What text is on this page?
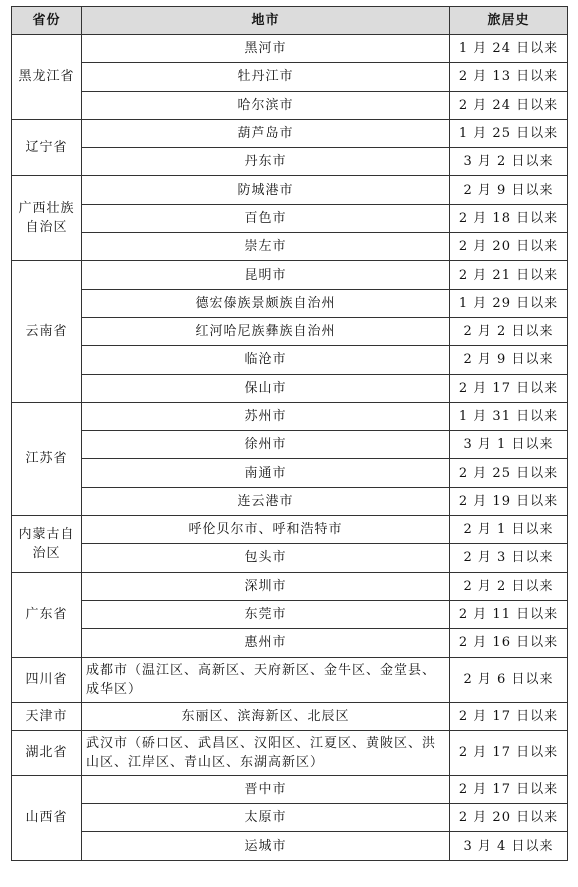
省份	地市	旅居史
黑龙江省	黑河市	1 月 24 日以来
	牡丹江市	2 月 13 日以来
	哈尔滨市	2 月 24 日以来
辽宁省	葫芦岛市	1 月 25 日以来
	丹东市	3 月 2 日以来
广西壮族自治区	防城港市	2 月 9 日以来
	百色市	2 月 18 日以来
	崇左市	2 月 20 日以来
云南省	昆明市	2 月 21 日以来
	德宏傣族景颇族自治州	1 月 29 日以来
	红河哈尼族彝族自治州	2 月 2 日以来
	临沧市	2 月 9 日以来
	保山市	2 月 17 日以来
江苏省	苏州市	1 月 31 日以来
	徐州市	3 月 1 日以来
	南通市	2 月 25 日以来
	连云港市	2 月 19 日以来
内蒙古自治区	呼伦贝尔市、呼和浩特市	2 月 1 日以来
	包头市	2 月 3 日以来
广东省	深圳市	2 月 2 日以来
	东莞市	2 月 11 日以来
	惠州市	2 月 16 日以来
四川省	成都市（温江区、高新区、天府新区、金牛区、金堂县、成华区）	2 月 6 日以来
天津市	东丽区、滨海新区、北辰区	2 月 17 日以来
湖北省	武汉市（硚口区、武昌区、汉阳区、江夏区、黄陂区、洪山区、江岸区、青山区、东湖高新区）	2 月 17 日以来
山西省	晋中市	2 月 17 日以来
	太原市	2 月 20 日以来
	运城市	3 月 4 日以来
